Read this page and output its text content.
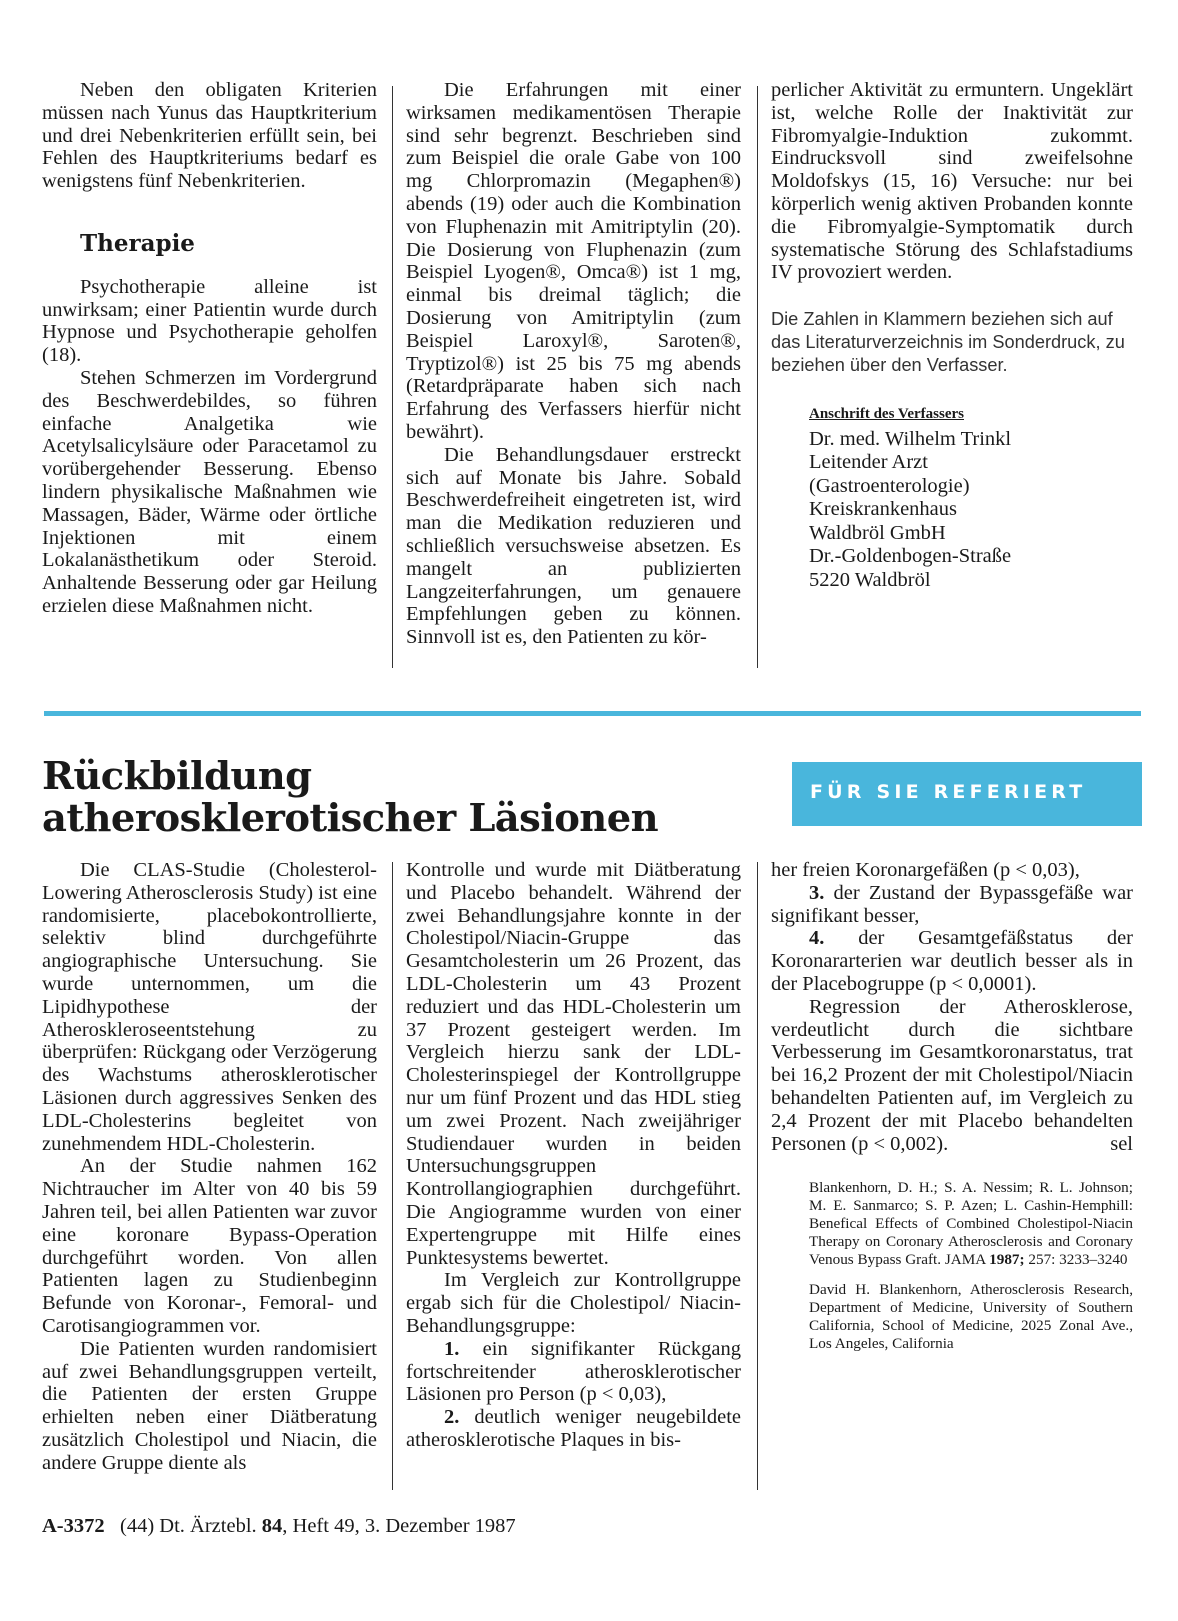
Neben den obligaten Kriterien müssen nach Yunus das Hauptkriterium und drei Nebenkriterien erfüllt sein, bei Fehlen des Hauptkriteriums bedarf es wenigstens fünf Nebenkriterien.

Therapie

Psychotherapie alleine ist unwirksam; einer Patientin wurde durch Hypnose und Psychotherapie geholfen (18).

Stehen Schmerzen im Vordergrund des Beschwerdebildes, so führen einfache Analgetika wie Acetylsalicylsäure oder Paracetamol zu vorübergehender Besserung. Ebenso lindern physikalische Maßnahmen wie Massagen, Bäder, Wärme oder örtliche Injektionen mit einem Lokalanästhetikum oder Steroid. Anhaltende Besserung oder gar Heilung erzielen diese Maßnahmen nicht.

Die Erfahrungen mit einer wirksamen medikamentösen Therapie sind sehr begrenzt. Beschrieben sind zum Beispiel die orale Gabe von 100 mg Chlorpromazin (Megaphen®) abends (19) oder auch die Kombination von Fluphenazin mit Amitriptylin (20). Die Dosierung von Fluphenazin (zum Beispiel Lyogen®, Omca®) ist 1 mg, einmal bis dreimal täglich; die Dosierung von Amitriptylin (zum Beispiel Laroxyl®, Saroten®, Tryptizol®) ist 25 bis 75 mg abends (Retardpräparate haben sich nach Erfahrung des Verfassers hierfür nicht bewährt).

Die Behandlungsdauer erstreckt sich auf Monate bis Jahre. Sobald Beschwerdefreiheit eingetreten ist, wird man die Medikation reduzieren und schließlich versuchsweise absetzen. Es mangelt an publizierten Langzeiterfahrungen, um genauere Empfehlungen geben zu können. Sinnvoll ist es, den Patienten zu kör-

perlicher Aktivität zu ermuntern. Ungeklärt ist, welche Rolle der Inaktivität zur Fibromyalgie-Induktion zukommt. Eindrucksvoll sind zweifelsohne Moldofskys (15, 16) Versuche: nur bei körperlich wenig aktiven Probanden konnte die Fibromyalgie-Symptomatik durch systematische Störung des Schlafstadiums IV provoziert werden.

Die Zahlen in Klammern beziehen sich auf das Literaturverzeichnis im Sonderdruck, zu beziehen über den Verfasser.

Anschrift des Verfassers
Dr. med. Wilhelm Trinkl
Leitender Arzt
(Gastroenterologie)
Kreiskrankenhaus
Waldbröl GmbH
Dr.-Goldenbogen-Straße
5220 Waldbröl
Rückbildung
atherosklerotischer Läsionen
FÜR SIE REFERIERT

Die CLAS-Studie (Cholesterol-Lowering Atherosclerosis Study) ist eine randomisierte, placebokontrollierte, selektiv blind durchgeführte angiographische Untersuchung. Sie wurde unternommen, um die Lipidhypothese der Atheroskleroseentstehung zu überprüfen: Rückgang oder Verzögerung des Wachstums atherosklerotischer Läsionen durch aggressives Senken des LDL-Cholesterins begleitet von zunehmendem HDL-Cholesterin.

An der Studie nahmen 162 Nichtraucher im Alter von 40 bis 59 Jahren teil, bei allen Patienten war zuvor eine koronare Bypass-Operation durchgeführt worden. Von allen Patienten lagen zu Studienbeginn Befunde von Koronar-, Femoral- und Carotisangiogrammen vor.

Die Patienten wurden randomisiert auf zwei Behandlungsgruppen verteilt, die Patienten der ersten Gruppe erhielten neben einer Diätberatung zusätzlich Cholestipol und Niacin, die andere Gruppe diente als

Kontrolle und wurde mit Diätberatung und Placebo behandelt. Während der zwei Behandlungsjahre konnte in der Cholestipol/Niacin-Gruppe das Gesamtcholesterin um 26 Prozent, das LDL-Cholesterin um 43 Prozent reduziert und das HDL-Cholesterin um 37 Prozent gesteigert werden. Im Vergleich hierzu sank der LDL-Cholesterinspiegel der Kontrollgruppe nur um fünf Prozent und das HDL stieg um zwei Prozent. Nach zweijähriger Studiendauer wurden in beiden Untersuchungsgruppen Kontrollangiographien durchgeführt. Die Angiogramme wurden von einer Expertengruppe mit Hilfe eines Punktesystems bewertet.

Im Vergleich zur Kontrollgruppe ergab sich für die Cholestipol/ Niacin-Behandlungsgruppe:

1. ein signifikanter Rückgang fortschreitender atherosklerotischer Läsionen pro Person (p < 0,03),

2. deutlich weniger neugebildete atherosklerotische Plaques in bis-

her freien Koronargefäßen (p < 0,03),

3. der Zustand der Bypassgefäße war signifikant besser,

4. der Gesamtgefäßstatus der Koronararterien war deutlich besser als in der Placebogruppe (p < 0,0001).

Regression der Atherosklerose, verdeutlicht durch die sichtbare Verbesserung im Gesamtkoronarstatus, trat bei 16,2 Prozent der mit Cholestipol/Niacin behandelten Patienten auf, im Vergleich zu 2,4 Prozent der mit Placebo behandelten Personen (p < 0,002).	sel

Blankenhorn, D. H.; S. A. Nessim; R. L. Johnson; M. E. Sanmarco; S. P. Azen; L. Cashin-Hemphill: Benefical Effects of Combined Cholestipol-Niacin Therapy on Coronary Atherosclerosis and Coronary Venous Bypass Graft. JAMA 1987; 257: 3233–3240

David H. Blankenhorn, Atherosclerosis Research, Department of Medicine, University of Southern California, School of Medicine, 2025 Zonal Ave., Los Angeles, California

A-3372 (44) Dt. Ärztebl. 84, Heft 49, 3. Dezember 1987
